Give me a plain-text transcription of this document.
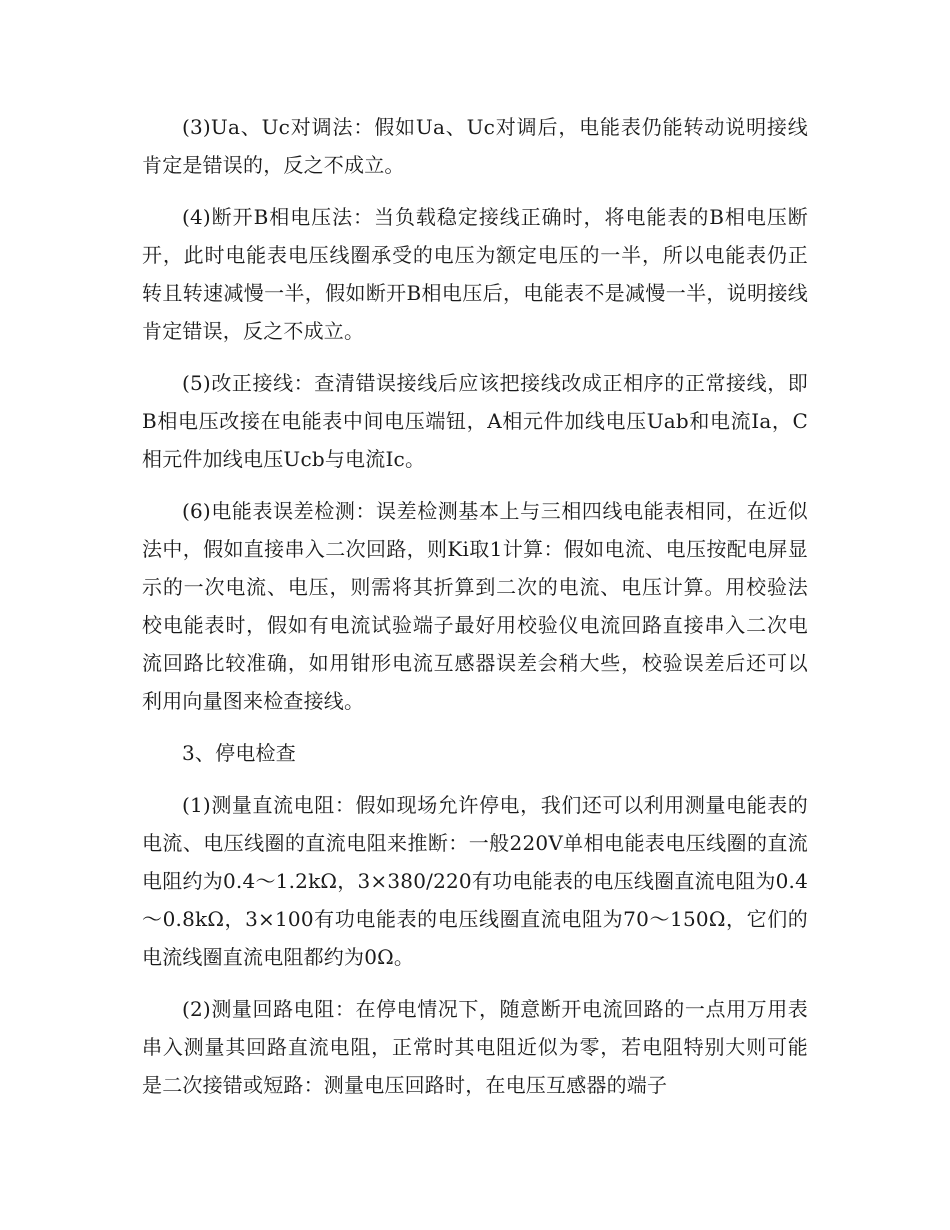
(3)Ua、Uc对调法：假如Ua、Uc对调后，电能表仍能转动说明接线肯定是错误的，反之不成立。

(4)断开B相电压法：当负载稳定接线正确时，将电能表的B相电压断开，此时电能表电压线圈承受的电压为额定电压的一半，所以电能表仍正转且转速减慢一半，假如断开B相电压后，电能表不是减慢一半，说明接线肯定错误，反之不成立。

(5)改正接线：查清错误接线后应该把接线改成正相序的正常接线，即B相电压改接在电能表中间电压端钮，A相元件加线电压Uab和电流Ia，C相元件加线电压Ucb与电流Ic。

(6)电能表误差检测：误差检测基本上与三相四线电能表相同，在近似法中，假如直接串入二次回路，则Ki取1计算：假如电流、电压按配电屏显示的一次电流、电压，则需将其折算到二次的电流、电压计算。用校验法校电能表时，假如有电流试验端子最好用校验仪电流回路直接串入二次电流回路比较准确，如用钳形电流互感器误差会稍大些，校验误差后还可以利用向量图来检查接线。

3、停电检查

(1)测量直流电阻：假如现场允许停电，我们还可以利用测量电能表的电流、电压线圈的直流电阻来推断：一般220V单相电能表电压线圈的直流电阻约为0.4～1.2kΩ，3×380/220有功电能表的电压线圈直流电阻为0.4～0.8kΩ，3×100有功电能表的电压线圈直流电阻为70～150Ω，它们的电流线圈直流电阻都约为0Ω。

(2)测量回路电阻：在停电情况下，随意断开电流回路的一点用万用表串入测量其回路直流电阻，正常时其电阻近似为零，若电阻特别大则可能是二次接错或短路：测量电压回路时，在电压互感器的端子
